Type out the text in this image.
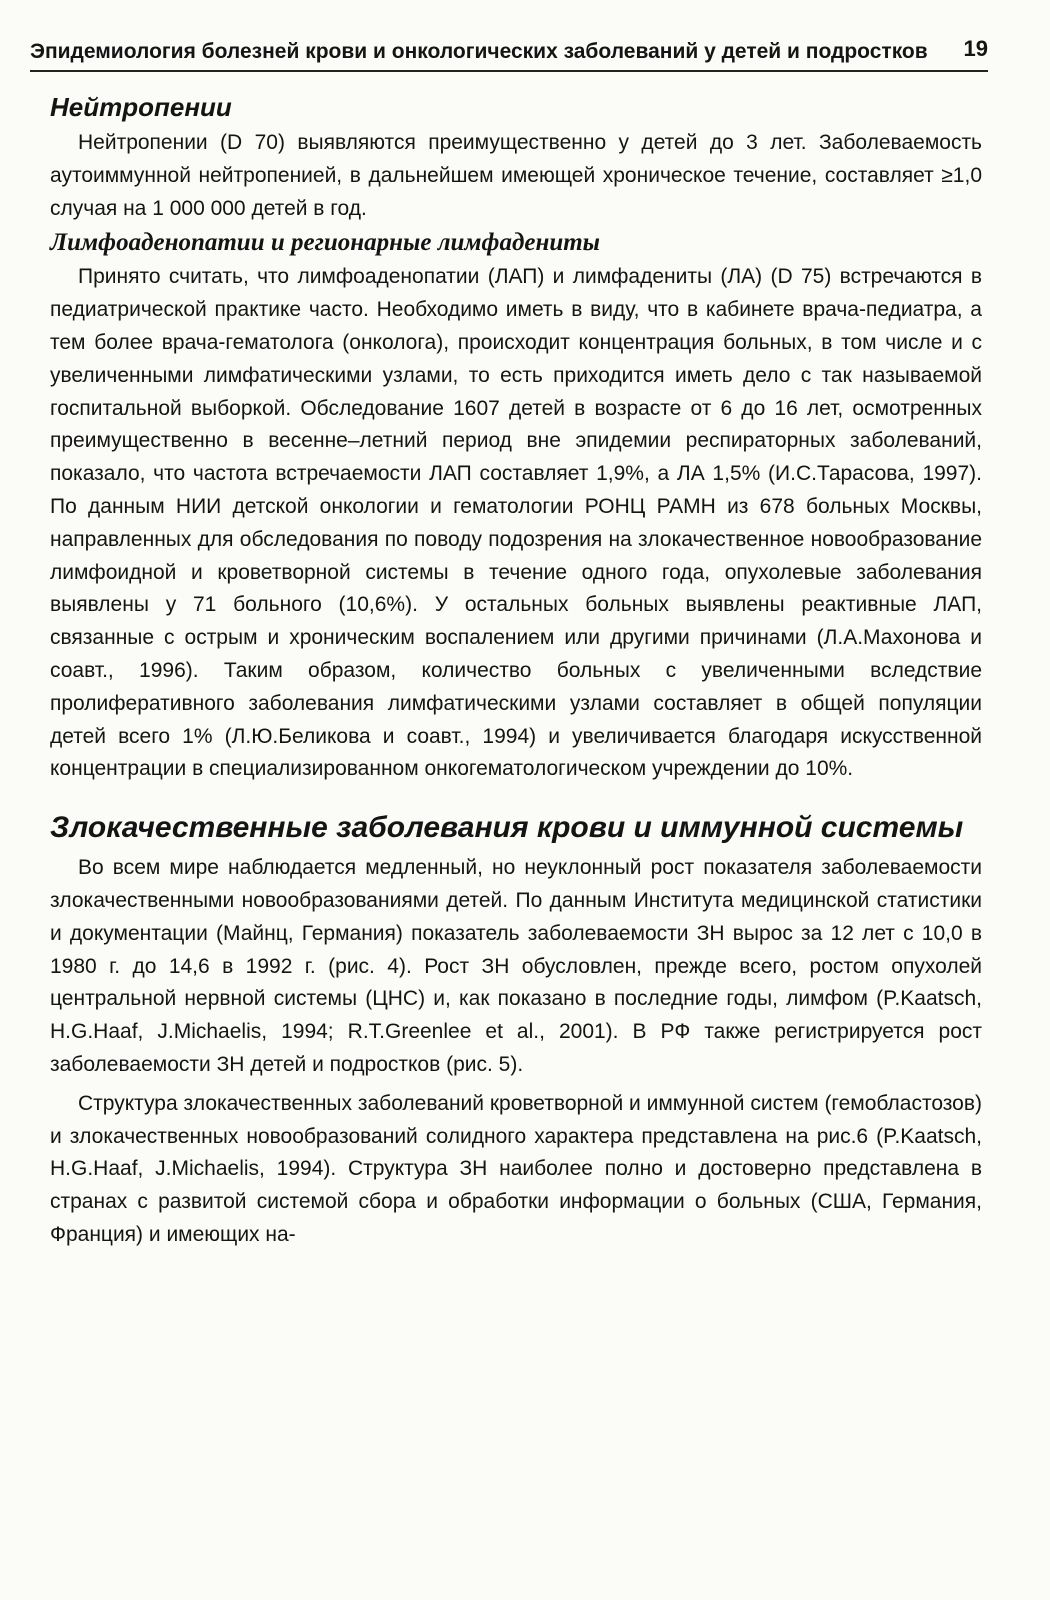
Эпидемиология болезней крови и онкологических заболеваний у детей и подростков 19
Нейтропении

Нейтропении (D 70) выявляются преимущественно у детей до 3 лет. Заболеваемость аутоиммунной нейтропенией, в дальнейшем имеющей хроническое течение, составляет ≥1,0 случая на 1 000 000 детей в год.

Лимфоаденопатии и регионарные лимфадениты

Принято считать, что лимфоаденопатии (ЛАП) и лимфадениты (ЛА) (D 75) встречаются в педиатрической практике часто. Необходимо иметь в виду, что в кабинете врача-педиатра, а тем более врача-гематолога (онколога), происходит концентрация больных, в том числе и с увеличенными лимфатическими узлами, то есть приходится иметь дело с так называемой госпитальной выборкой. Обследование 1607 детей в возрасте от 6 до 16 лет, осмотренных преимущественно в весенне–летний период вне эпидемии респираторных заболеваний, показало, что частота встречаемости ЛАП составляет 1,9%, а ЛА 1,5% (И.С.Тарасова, 1997). По данным НИИ детской онкологии и гематологии РОНЦ РАМН из 678 больных Москвы, направленных для обследования по поводу подозрения на злокачественное новообразование лимфоидной и кроветворной системы в течение одного года, опухолевые заболевания выявлены у 71 больного (10,6%). У остальных больных выявлены реактивные ЛАП, связанные с острым и хроническим воспалением или другими причинами (Л.А.Махонова и соавт., 1996). Таким образом, количество больных с увеличенными вследствие пролиферативного заболевания лимфатическими узлами составляет в общей популяции детей всего 1% (Л.Ю.Беликова и соавт., 1994) и увеличивается благодаря искусственной концентрации в специализированном онкогематологическом учреждении до 10%.

Злокачественные заболевания крови и иммунной системы

Во всем мире наблюдается медленный, но неуклонный рост показателя заболеваемости злокачественными новообразованиями детей. По данным Института медицинской статистики и документации (Майнц, Германия) показатель заболеваемости ЗН вырос за 12 лет с 10,0 в 1980 г. до 14,6 в 1992 г. (рис. 4). Рост ЗН обусловлен, прежде всего, ростом опухолей центральной нервной системы (ЦНС) и, как показано в последние годы, лимфом (P.Kaatsch, H.G.Haaf, J.Michaelis, 1994; R.T.Greenlee et al., 2001). В РФ также регистрируется рост заболеваемости ЗН детей и подростков (рис. 5).

Структура злокачественных заболеваний кроветворной и иммунной систем (гемобластозов) и злокачественных новообразований солидного характера представлена на рис.6 (P.Kaatsch, H.G.Haaf, J.Michaelis, 1994). Структура ЗН наиболее полно и достоверно представлена в странах с развитой системой сбора и обработки информации о больных (США, Германия, Франция) и имеющих на-
